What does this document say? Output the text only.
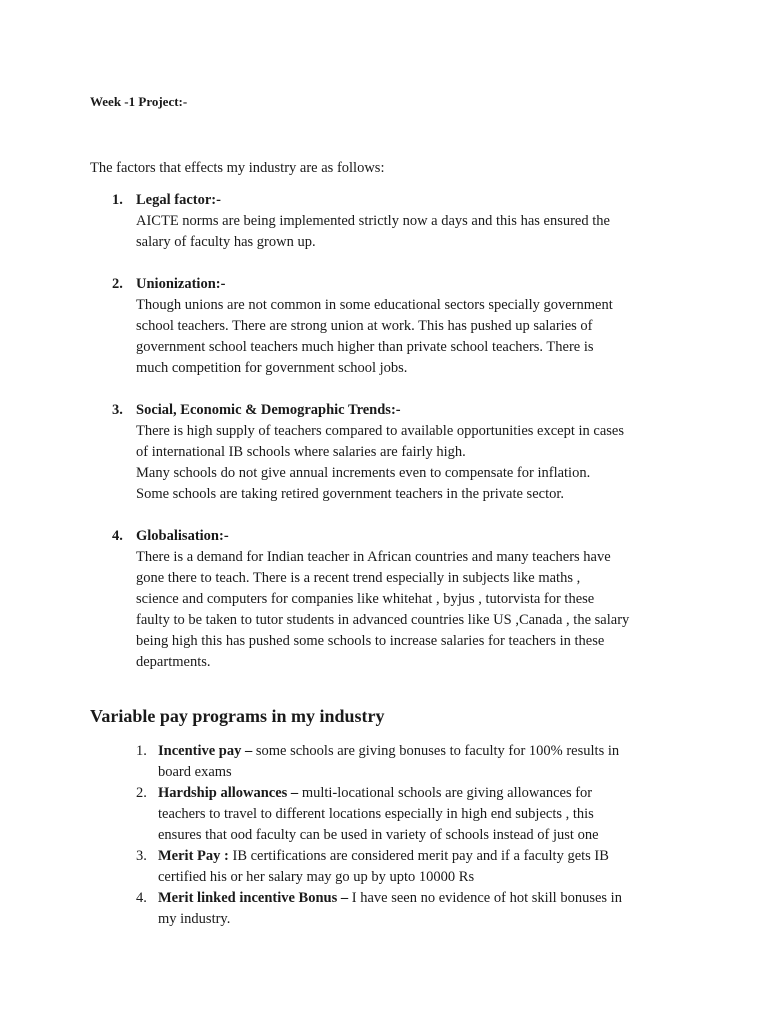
Week -1 Project:-
The factors that effects my industry are as follows:
1. Legal factor:-
AICTE norms are being implemented strictly now a days and this has ensured the
salary of faculty has grown up.
2. Unionization:-
Though unions are not common in some educational sectors specially government
school teachers. There are strong union at work. This has pushed up salaries of
government school teachers much higher than private school teachers. There is
much competition for government school jobs.
3. Social, Economic & Demographic Trends:-
There is high supply of teachers compared to available opportunities except in cases
of international IB schools where salaries are fairly high.
Many schools do not give annual increments even to compensate for inflation.
Some schools are taking retired government teachers in the private sector.
4. Globalisation:-
There is a demand for Indian teacher in African countries and many teachers have
gone there to teach. There is a recent trend especially in subjects like maths ,
science and computers for companies like whitehat , byjus , tutorvista for these
faulty to be taken to tutor students in advanced countries like US ,Canada , the salary
being high this has pushed some schools to increase salaries for teachers in these
departments.
Variable pay programs in my industry
1. Incentive pay – some schools are giving bonuses to faculty for 100% results in
board exams
2. Hardship allowances – multi-locational schools are giving allowances for
teachers to travel to different locations especially in high end subjects , this
ensures that ood faculty can be used in variety of schools instead of just one
3. Merit Pay : IB certifications are considered merit pay and if a faculty gets IB
certified his or her salary may go up by upto 10000 Rs
4. Merit linked incentive Bonus – I have seen no evidence of hot skill bonuses in
my industry.
